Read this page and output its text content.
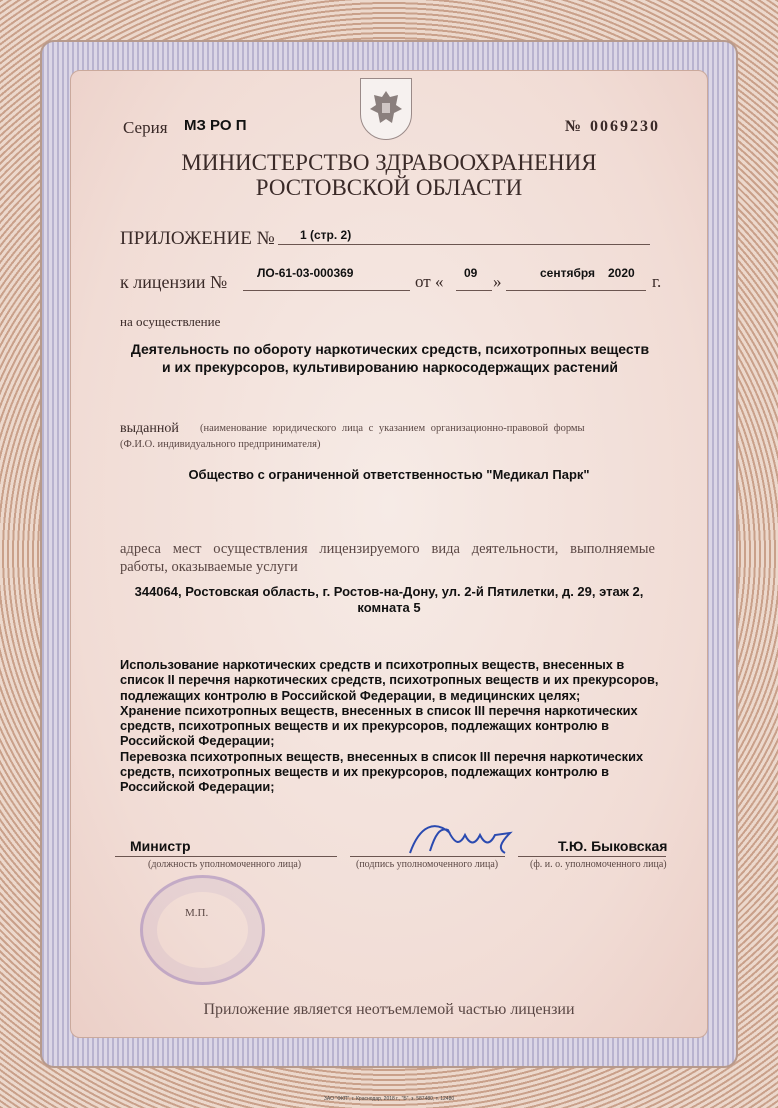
Серия МЗ РО П	№ 0069230
МИНИСТЕРСТВО ЗДРАВООХРАНЕНИЯ
РОСТОВСКОЙ ОБЛАСТИ
ПРИЛОЖЕНИЕ № 1 (стр. 2)
к лицензии № ЛО-61-03-000369	от « 09 »	сентября 2020 г.
на осуществление
Деятельность по обороту наркотических средств, психотропных веществ и их прекурсоров, культивированию наркосодержащих растений
выданной (наименование юридического лица с указанием организационно-правовой формы
(Ф.И.О. индивидуального предпринимателя)
Общество с ограниченной ответственностью "Медикал Парк"
адреса мест осуществления лицензируемого вида деятельности, выполняемые работы, оказываемые услуги
344064, Ростовская область, г. Ростов-на-Дону, ул. 2-й Пятилетки, д. 29, этаж 2,
комната 5
Использование наркотических средств и психотропных веществ, внесенных в список II перечня наркотических средств, психотропных веществ и их прекурсоров, подлежащих контролю в Российской Федерации, в медицинских целях;
Хранение психотропных веществ, внесенных в список III перечня наркотических средств, психотропных веществ и их прекурсоров, подлежащих контролю в Российской Федерации;
Перевозка психотропных веществ, внесенных в список III перечня наркотических средств, психотропных веществ и их прекурсоров, подлежащих контролю в Российской Федерации;
Министр
(должность уполномоченного лица)	(подпись уполномоченного лица)
Т.Ю. Быковская
(ф. и. о. уполномоченного лица)
М.П.
Приложение является неотъемлемой частью лицензии
ЗАО "ФКП", г. Краснодар, 2018 г., "Б", з. 587480, т. 12480
